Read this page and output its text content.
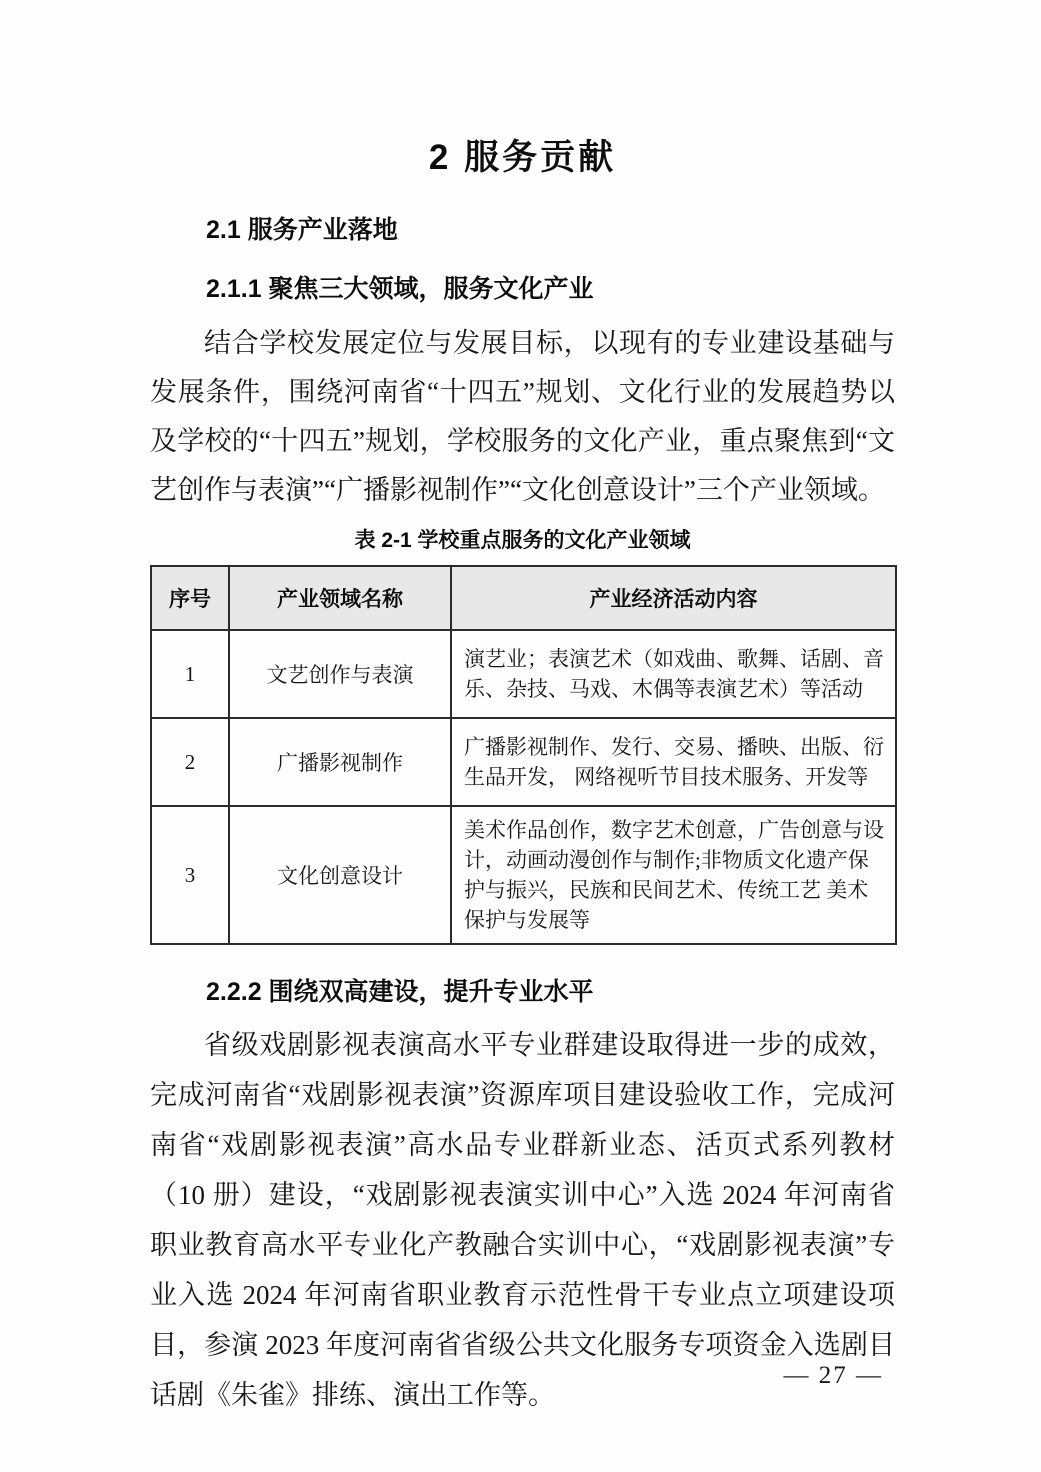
2 服务贡献
2.1 服务产业落地
2.1.1 聚焦三大领域，服务文化产业

结合学校发展定位与发展目标，以现有的专业建设基础与发展条件，围绕河南省“十四五”规划、文化行业的发展趋势以及学校的“十四五”规划，学校服务的文化产业，重点聚焦到“文艺创作与表演”“广播影视制作”“文化创意设计”三个产业领域。

表 2-1 学校重点服务的文化产业领域
序号	产业领域名称	产业经济活动内容
1	文艺创作与表演	演艺业；表演艺术（如戏曲、歌舞、话剧、音乐、杂技、马戏、木偶等表演艺术）等活动
2	广播影视制作	广播影视制作、发行、交易、播映、出版、衍生品开发， 网络视听节目技术服务、开发等
3	文化创意设计	美术作品创作，数字艺术创意，广告创意与设计，动画动漫创作与制作;非物质文化遗产保护与振兴，民族和民间艺术、传统工艺 美术保护与发展等
2.2.2 围绕双高建设，提升专业水平

省级戏剧影视表演高水平专业群建设取得进一步的成效，完成河南省“戏剧影视表演”资源库项目建设验收工作，完成河南省“戏剧影视表演”高水品专业群新业态、活页式系列教材（10 册）建设，“戏剧影视表演实训中心”入选 2024 年河南省职业教育高水平专业化产教融合实训中心，“戏剧影视表演”专业入选 2024 年河南省职业教育示范性骨干专业点立项建设项目，参演 2023 年度河南省省级公共文化服务专项资金入选剧目话剧《朱雀》排练、演出工作等。

— 27 —
